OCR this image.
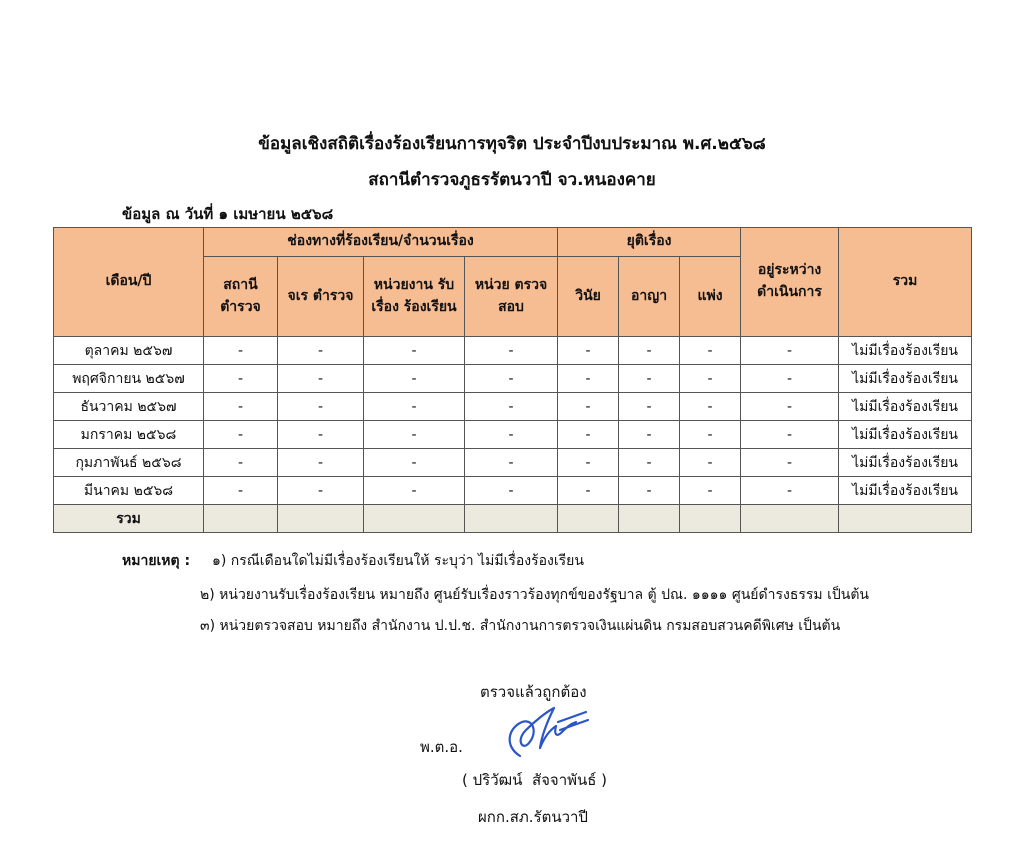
ข้อมูลเชิงสถิติเรื่องร้องเรียนการทุจริต ประจำปีงบประมาณ พ.ศ.๒๕๖๘
สถานีตำรวจภูธรรัตนวาปี จว.หนองคาย
ข้อมูล ณ วันที่ ๑ เมษายน ๒๕๖๘
เดือน/ปี	ช่องทางที่ร้องเรียน/จำนวนเรื่อง				ยุติเรื่อง			อยู่ระหว่าง ดำเนินการ	รวม
	สถานี ตำรวจ	จเร ตำรวจ	หน่วยงาน รับเรื่อง ร้องเรียน	หน่วย ตรวจสอบ	วินัย	อาญา	แพ่ง		
ตุลาคม ๒๕๖๗	-	-	-	-	-	-	-	-	ไม่มีเรื่องร้องเรียน
พฤศจิกายน ๒๕๖๗	-	-	-	-	-	-	-	-	ไม่มีเรื่องร้องเรียน
ธันวาคม ๒๕๖๗	-	-	-	-	-	-	-	-	ไม่มีเรื่องร้องเรียน
มกราคม ๒๕๖๘	-	-	-	-	-	-	-	-	ไม่มีเรื่องร้องเรียน
กุมภาพันธ์ ๒๕๖๘	-	-	-	-	-	-	-	-	ไม่มีเรื่องร้องเรียน
มีนาคม ๒๕๖๘	-	-	-	-	-	-	-	-	ไม่มีเรื่องร้องเรียน
รวม									
หมายเหตุ : ๑) กรณีเดือนใดไม่มีเรื่องร้องเรียนให้ ระบุว่า ไม่มีเรื่องร้องเรียน
๒) หน่วยงานรับเรื่องร้องเรียน หมายถึง ศูนย์รับเรื่องราวร้องทุกข์ของรัฐบาล ตู้ ปณ. ๑๑๑๑ ศูนย์ดำรงธรรม เป็นต้น
๓) หน่วยตรวจสอบ หมายถึง สำนักงาน ป.ป.ช. สำนักงานการตรวจเงินแผ่นดิน กรมสอบสวนคดีพิเศษ เป็นต้น
ตรวจแล้วถูกต้อง
พ.ต.อ.
( ปริวัฒน์  สัจจาพันธ์ )
ผกก.สภ.รัตนวาปี
